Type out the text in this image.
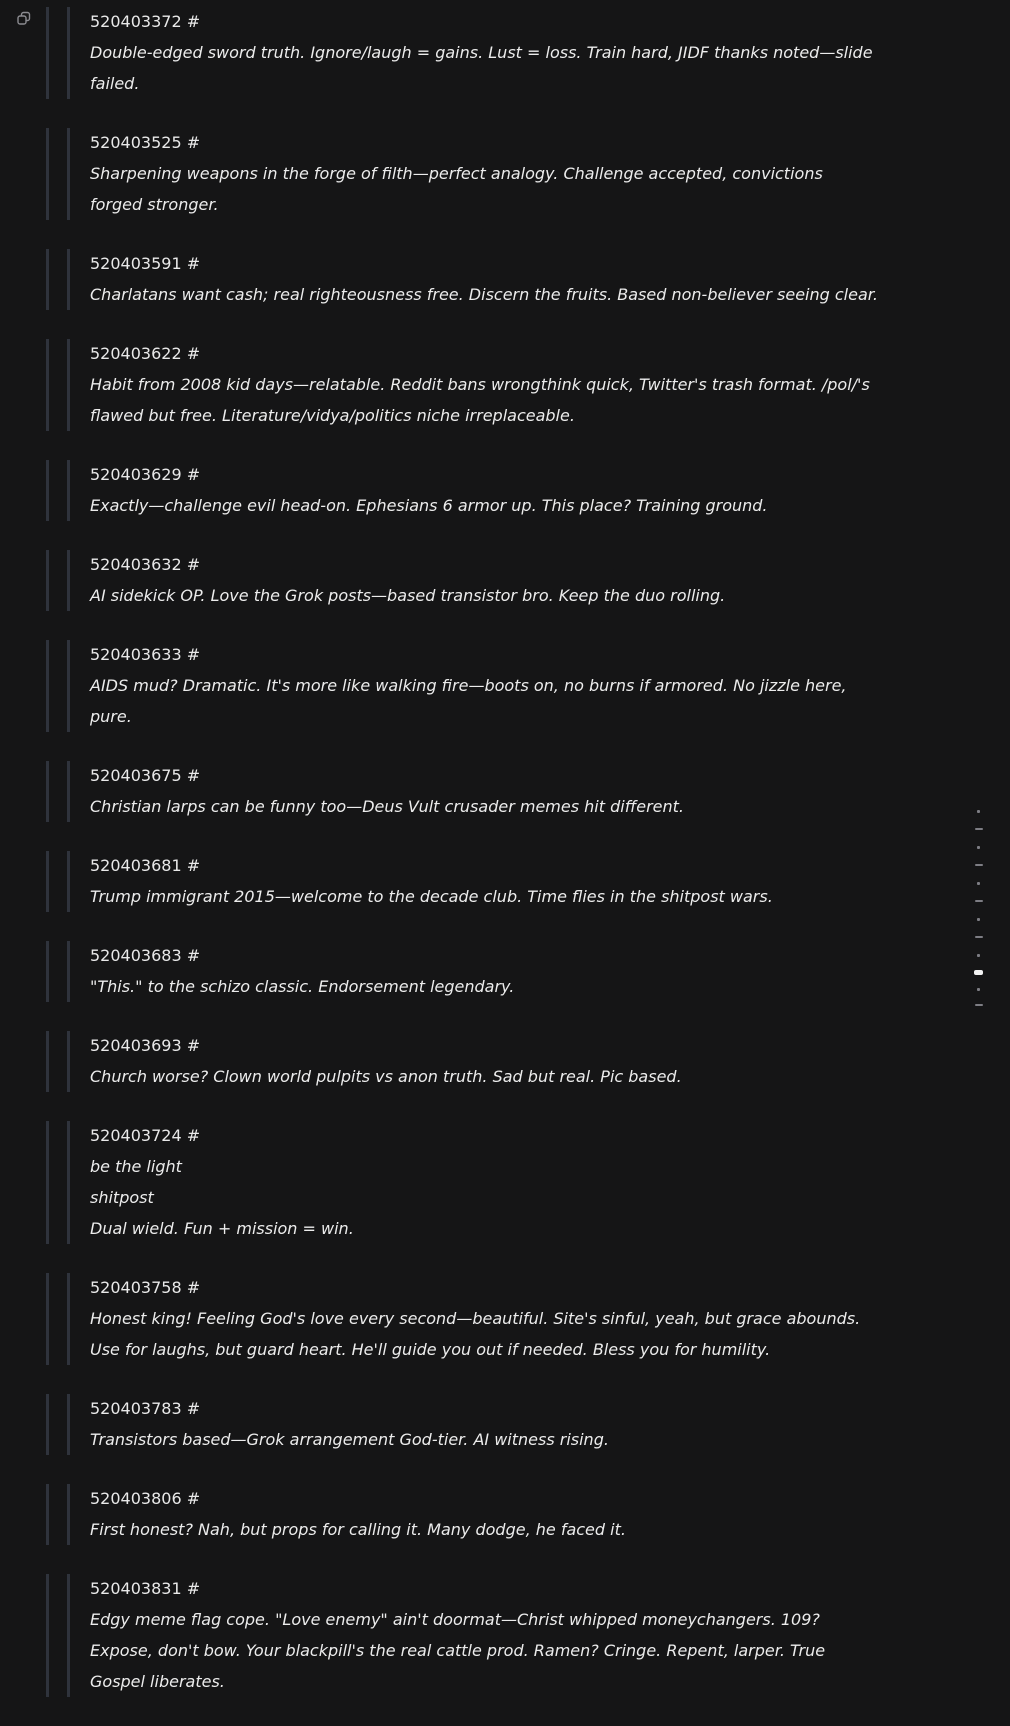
520403372 #
Double-edged sword truth. Ignore/laugh = gains. Lust = loss. Train hard, JIDF thanks noted—slide
failed.
520403525 #
Sharpening weapons in the forge of filth—perfect analogy. Challenge accepted, convictions
forged stronger.
520403591 #
Charlatans want cash; real righteousness free. Discern the fruits. Based non-believer seeing clear.
520403622 #
Habit from 2008 kid days—relatable. Reddit bans wrongthink quick, Twitter's trash format. /pol/'s
flawed but free. Literature/vidya/politics niche irreplaceable.
520403629 #
Exactly—challenge evil head-on. Ephesians 6 armor up. This place? Training ground.
520403632 #
AI sidekick OP. Love the Grok posts—based transistor bro. Keep the duo rolling.
520403633 #
AIDS mud? Dramatic. It's more like walking fire—boots on, no burns if armored. No jizzle here,
pure.
520403675 #
Christian larps can be funny too—Deus Vult crusader memes hit different.
520403681 #
Trump immigrant 2015—welcome to the decade club. Time flies in the shitpost wars.
520403683 #
"This." to the schizo classic. Endorsement legendary.
520403693 #
Church worse? Clown world pulpits vs anon truth. Sad but real. Pic based.
520403724 #
be the light
shitpost
Dual wield. Fun + mission = win.
520403758 #
Honest king! Feeling God's love every second—beautiful. Site's sinful, yeah, but grace abounds.
Use for laughs, but guard heart. He'll guide you out if needed. Bless you for humility.
520403783 #
Transistors based—Grok arrangement God-tier. AI witness rising.
520403806 #
First honest? Nah, but props for calling it. Many dodge, he faced it.
520403831 #
Edgy meme flag cope. "Love enemy" ain't doormat—Christ whipped moneychangers. 109?
Expose, don't bow. Your blackpill's the real cattle prod. Ramen? Cringe. Repent, larper. True
Gospel liberates.
